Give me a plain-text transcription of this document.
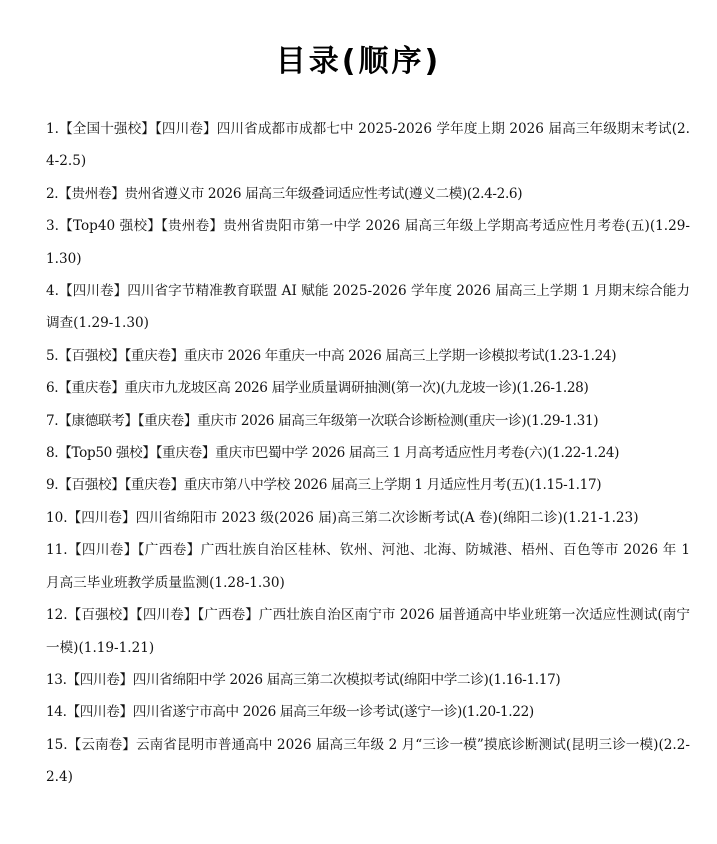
目录(顺序)
1.【全国十强校】【四川卷】四川省成都市成都七中 2025-2026 学年度上期 2026 届高三年级期末考试(2.4-2.5)
2.【贵州卷】贵州省遵义市 2026 届高三年级叠词适应性考试(遵义二模)(2.4-2.6)
3.【Top40 强校】【贵州卷】贵州省贵阳市第一中学 2026 届高三年级上学期高考适应性月考卷(五)(1.29-1.30)
4.【四川卷】四川省字节精准教育联盟 AI 赋能 2025-2026 学年度 2026 届高三上学期 1 月期末综合能力调查(1.29-1.30)
5.【百强校】【重庆卷】重庆市 2026 年重庆一中高 2026 届高三上学期一诊模拟考试(1.23-1.24)
6.【重庆卷】重庆市九龙坡区高 2026 届学业质量调研抽测(第一次)(九龙坡一诊)(1.26-1.28)
7.【康德联考】【重庆卷】重庆市 2026 届高三年级第一次联合诊断检测(重庆一诊)(1.29-1.31)
8.【Top50 强校】【重庆卷】重庆市巴蜀中学 2026 届高三 1 月高考适应性月考卷(六)(1.22-1.24)
9.【百强校】【重庆卷】重庆市第八中学校 2026 届高三上学期 1 月适应性月考(五)(1.15-1.17)
10.【四川卷】四川省绵阳市 2023 级(2026 届)高三第二次诊断考试(A 卷)(绵阳二诊)(1.21-1.23)
11.【四川卷】【广西卷】广西壮族自治区桂林、钦州、河池、北海、防城港、梧州、百色等市 2026 年 1 月高三毕业班教学质量监测(1.28-1.30)
12.【百强校】【四川卷】【广西卷】广西壮族自治区南宁市 2026 届普通高中毕业班第一次适应性测试(南宁一模)(1.19-1.21)
13.【四川卷】四川省绵阳中学 2026 届高三第二次模拟考试(绵阳中学二诊)(1.16-1.17)
14.【四川卷】四川省遂宁市高中 2026 届高三年级一诊考试(遂宁一诊)(1.20-1.22)
15.【云南卷】云南省昆明市普通高中 2026 届高三年级 2 月“三诊一模”摸底诊断测试(昆明三诊一模)(2.2-2.4)
